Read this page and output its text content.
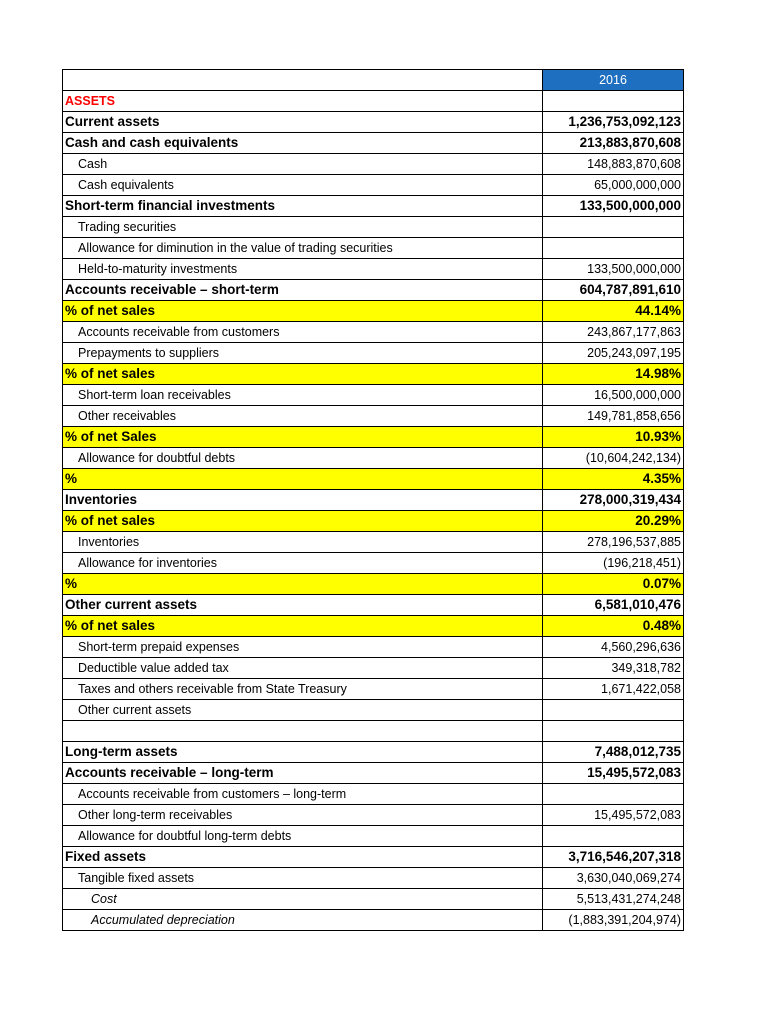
	2016
ASSETS	
Current assets	1,236,753,092,123
Cash and cash equivalents	213,883,870,608
Cash	148,883,870,608
Cash equivalents	65,000,000,000
Short-term financial investments	133,500,000,000
Trading securities	
Allowance for diminution in the value of trading securities	
Held-to-maturity investments	133,500,000,000
Accounts receivable – short-term	604,787,891,610
% of net sales	44.14%
Accounts receivable from customers	243,867,177,863
Prepayments to suppliers	205,243,097,195
% of net sales	14.98%
Short-term loan receivables	16,500,000,000
Other receivables	149,781,858,656
% of net Sales	10.93%
Allowance for doubtful debts	(10,604,242,134)
%	4.35%
Inventories	278,000,319,434
% of net sales	20.29%
Inventories	278,196,537,885
Allowance for inventories	(196,218,451)
%	0.07%
Other current assets	6,581,010,476
% of net sales	0.48%
Short-term prepaid expenses	4,560,296,636
Deductible value added tax	349,318,782
Taxes and others receivable from State Treasury	1,671,422,058
Other current assets	

Long-term assets	7,488,012,735
Accounts receivable – long-term	15,495,572,083
Accounts receivable from customers – long-term	
Other long-term receivables	15,495,572,083
Allowance for doubtful long-term debts	
Fixed assets	3,716,546,207,318
Tangible fixed assets	3,630,040,069,274
Cost	5,513,431,274,248
Accumulated depreciation	(1,883,391,204,974)
